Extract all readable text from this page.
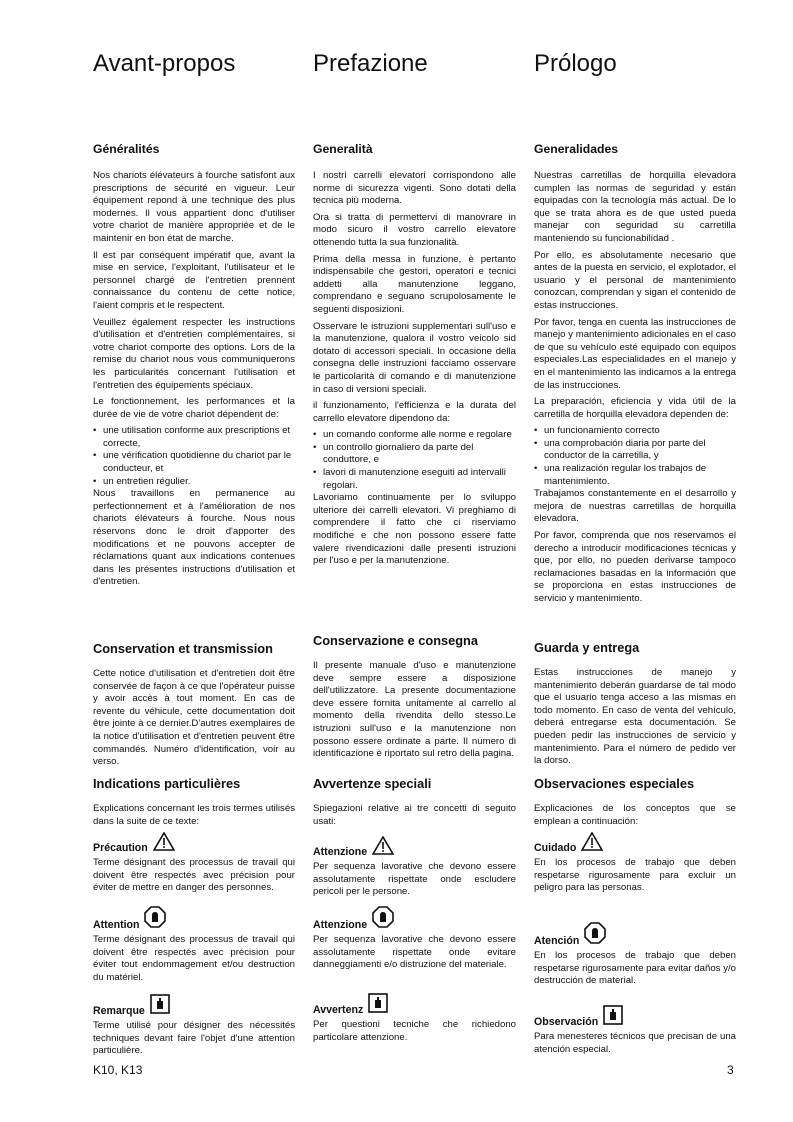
Avant-propos	Prefazione	Prólogo
Généralités

Nos chariots élévateurs à fourche satisfont aux prescriptions de sécurité en vigueur. Leur équipement repond à une technique des plus modernes. Il vous appartient donc d'utiliser votre chariot de manière appropriée et de le maintenir en bon état de marche.

Il est par conséquent impératif que, avant la mise en service, l'exploitant, l'utilisateur et le personnel chargé de l'entretien prennent connaissance du contenu de cette notice, l'aient compris et le respectent.

Veuillez également respecter les instructions d'utilisation et d'entretien complémentaires, si votre chariot comporte des options. Lors de la remise du chariot nous vous communiquerons les particularités concernant l'utilisation et l'entretien des équipements spéciaux.

Le fonctionnement, les performances et la durée de vie de votre chariot dépendent de:

• une utilisation conforme aux prescriptions et correcte,
• une vérification quotidienne du chariot par le conducteur, et
• un entretien régulier.

Nous travaillons en permanence au perfectionnement et à l'amélioration de nos chariots élévateurs à fourche. Nous nous réservons donc le droit d'apporter des modifications et ne pouvons accepter de réclamations quant aux indications contenues dans les présentes instructions d'utilisation et d'entretien.

Conservation et transmission

Cette notice d'utilisation et d'entretien doit être conservée de façon à ce que l'opérateur puisse y avoir accès à tout moment. En cas de revente du véhicule, cette documentation doit être jointe à ce dernier.D'autres exemplaires de la notice d'utilisation et d'entretien peuvent être commandés. Numéro d'identification, voir au verso.

Indications particulières

Explications concernant les trois termes utilisés dans la suite de ce texte:

Précaution

Terme désignant des processus de travail qui doivent être respectés avec précision pour éviter de mettre en danger des personnes.

Attention

Terme désignant des processus de travail qui doivent être respectés avec précision pour éviter tout endommagement et/ou destruction du matériel.

Remarque

Terme utilisé pour désigner des nécessités techniques devant faire l'objet d'une attention particulière.

Generalità

I nostri carrelli elevatori corrispondono alle norme di sicurezza vigenti. Sono dotati della tecnica più moderna.

Ora si tratta di permettervi di manovrare in modo sicuro il vostro carrello elevatore ottenendo tutta la sua funzionalità.

Prima della messa in funzione, è pertanto indispensabile che gestori, operatori e tecnici addetti alla manutenzione leggano, comprendano e seguano scrupolosamente le seguenti disposizioni.

Osservare le istruzioni supplementari sull'uso e la manutenzione, qualora il vostro veicolo sid dotato di accessori speciali. In occasione della consegna delle instruzioni facciamo osservare le particolarità di comando e di manutenzione in caso di versioni speciali.

il funzionamento, l'efficienza e la durata del carrello elevatore dipendono da:

• un comando conforme alle norme e regolare
• un controllo giornaliero da parte del conduttore, e
• lavori di manutenzione eseguiti ad intervalli regolari.

Lavoriamo continuamente per lo sviluppo ulteriore dei carrelli elevatori. Vi preghiamo di comprendere il fatto che ci riserviamo modifiche e che non possono essere fatte valere rivendicazioni dalle presenti istruzioni per l'uso e per la manutenzione.

Conservazione e consegna

Il presente manuale d'uso e manutenzione deve sempre essere a disposizione dell'utilizzatore. La presente documentazione deve essere fornita unitamente al carrello al momento della rivendita dello stesso.Le istruzioni sull'uso e la manutenzione non possono essere ordinate a parte. Il numero di identificazione è riportato sul retro della pagina.

Avvertenze speciali

Spiegazioni relative ai tre concetti di seguito usati:

Attenzione

Per sequenza lavorative che devono essere assolutamente rispettate onde escludere pericoli per le persone.

Attenzione

Per sequenza lavorative che devono essere assolutamente rispettate onde evitare danneggiamenti e/o distruzione del materiale.

Avvertenz

Per questioni tecniche che richiedono particolare attenzione.

Generalidades

Nuestras carretillas de horquilla elevadora cumplen las normas de seguridad y están equipadas con la tecnología más actual. De lo que se trata ahora es de que usted pueda manejar con seguridad su carretilla manteniendo su funcionabilidad .

Por ello, es absolutamente necesario que antes de la puesta en servicio, el explotador, el usuario y el personal de mantenimiento conozcan, comprendan y sigan el contenido de estas instrucciones.

Por favor, tenga en cuenta las instrucciones de manejo y mantenimiento adicionales en el caso de que su vehículo esté equipado con equipos especiales.Las especialidades en el manejo y en el mantenimiento las indicamos a la entrega de las instrucciones.

La preparación, eficiencia y vida útil de la carretilla de horquilla elevadora dependen de:

• un funcionamiento correcto
• una comprobación diaria por parte del conductor de la carretilla, y
• una realización regular los trabajos de mantenimiento.

Trabajamos constantemente en el desarrollo y mejora de nuestras carretillas de horquilla elevadora.

Por favor, comprenda que nos reservamos el derecho a introducir modificaciones técnicas y que, por ello, no pueden derivarse tampoco reclamaciones basadas en la información que se proporciona en estas instrucciones de servicio y mantenimiento.

Guarda y entrega

Estas instrucciones de manejo y mantenimiento deberán guardarse de tal modo que el usuario tenga acceso a las mismas en todo momento. En caso de venta del vehículo, deberá entregarse esta documentación. Se pueden pedir las instrucciones de servicio y mantenimiento. Para el número de pedido ver la dorso.

Observaciones especiales

Explicaciones de los conceptos que se emplean a continuación:

Cuidado

En los procesos de trabajo que deben respetarse rigurosamente para excluir un peligro para las personas.

Atención

En los procesos de trabajo que deben respetarse rigurosamente para evitar daños y/o destrucción de material.

Observación

Para menesteres técnicos que precisan de una atención especial.

K10, K13	3
